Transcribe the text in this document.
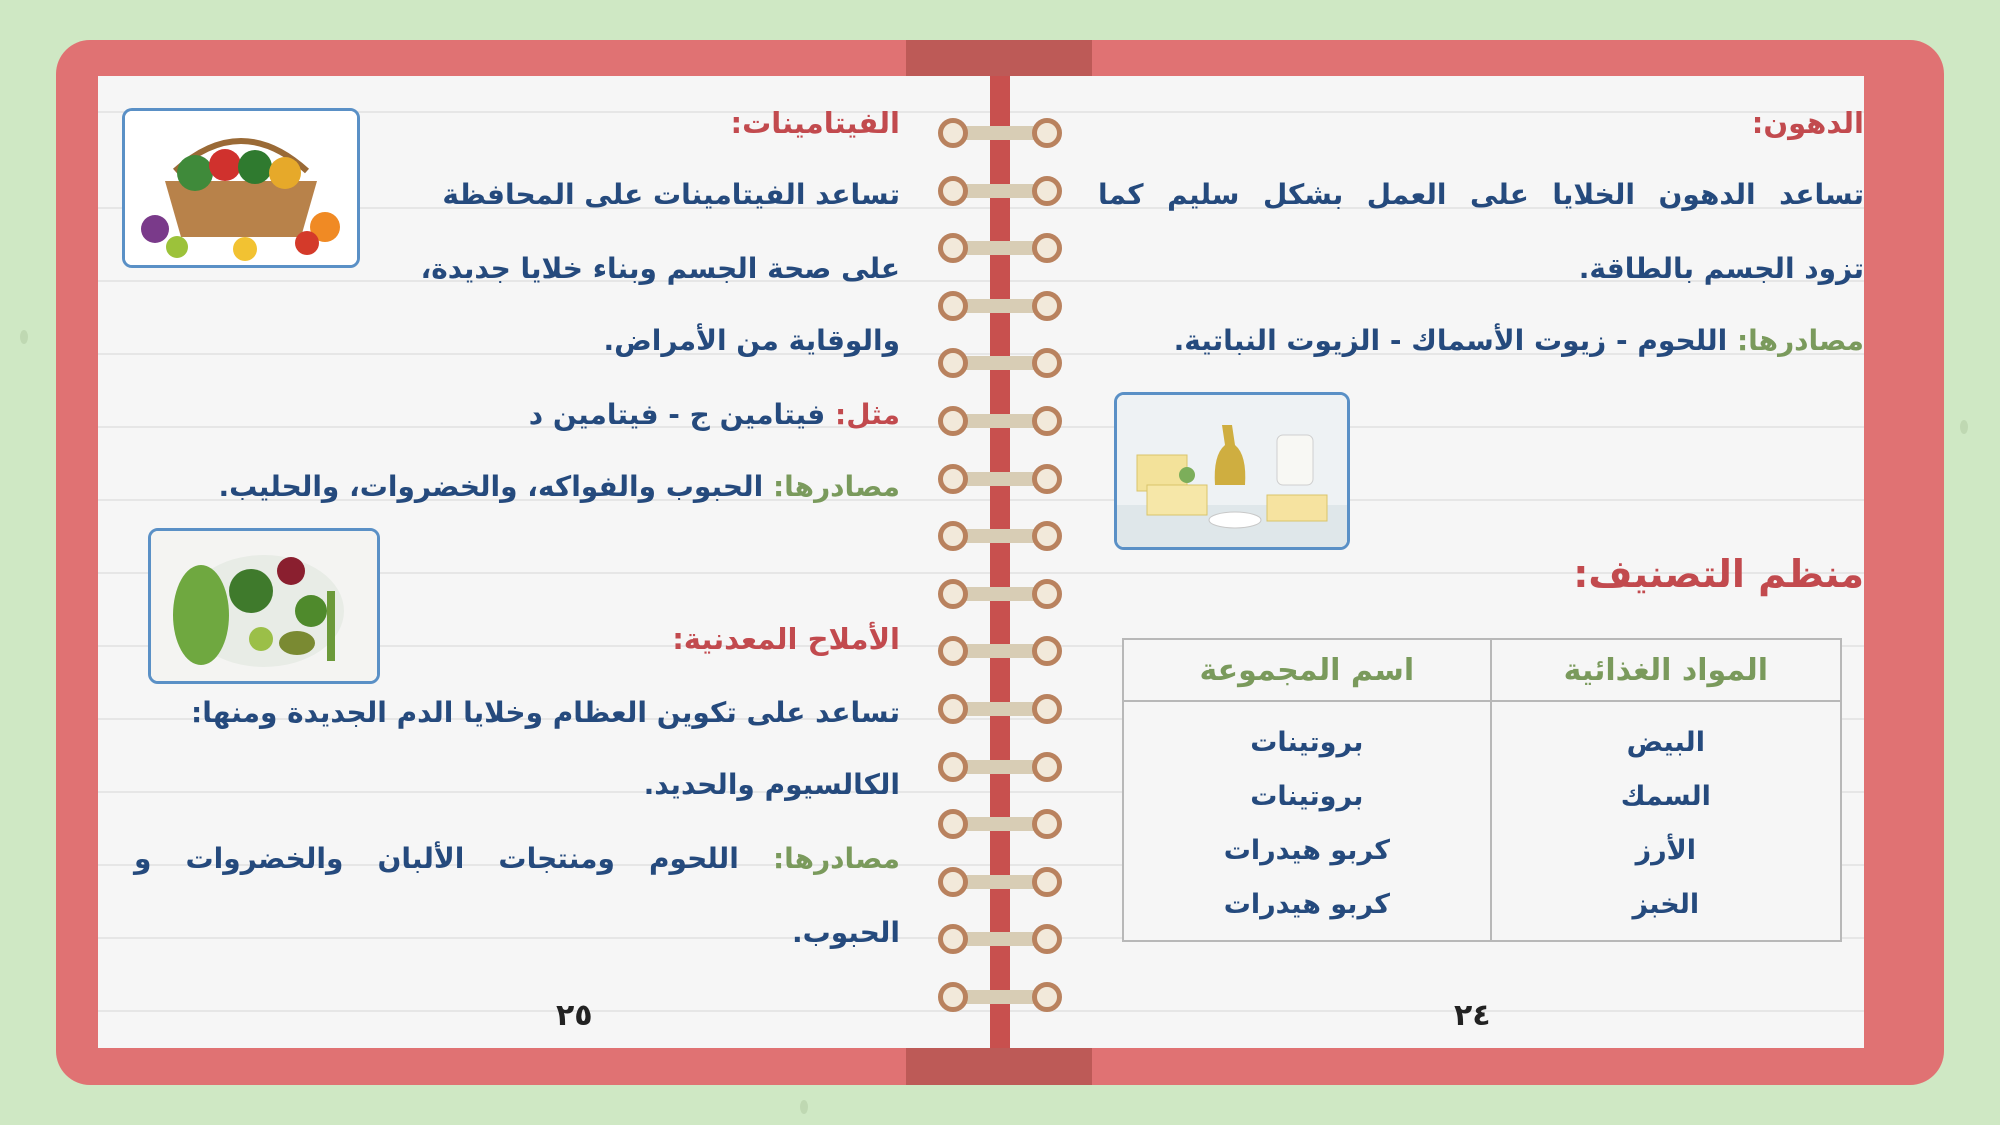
الدهون:
تساعد الدهون الخلايا على العمل بشكل سليم كما
تزود الجسم بالطاقة.
مصادرها: اللحوم - زيوت الأسماك - الزيوت النباتية.
منظم التصنيف:
المواد الغذائية	اسم المجموعة
البيض	بروتينات
السمك	بروتينات
الأرز	كربو هيدرات
الخبز	كربو هيدرات
٢٤
الفيتامينات:
تساعد الفيتامينات على المحافظة
على صحة الجسم وبناء خلايا جديدة،
والوقاية من الأمراض.
مثل: فيتامين ج - فيتامين د
مصادرها: الحبوب والفواكه، والخضروات، والحليب.
الأملاح المعدنية:
تساعد على تكوين العظام وخلايا الدم الجديدة ومنها:
الكالسيوم والحديد.
مصادرها: اللحوم ومنتجات الألبان والخضروات و
الحبوب.
٢٥
